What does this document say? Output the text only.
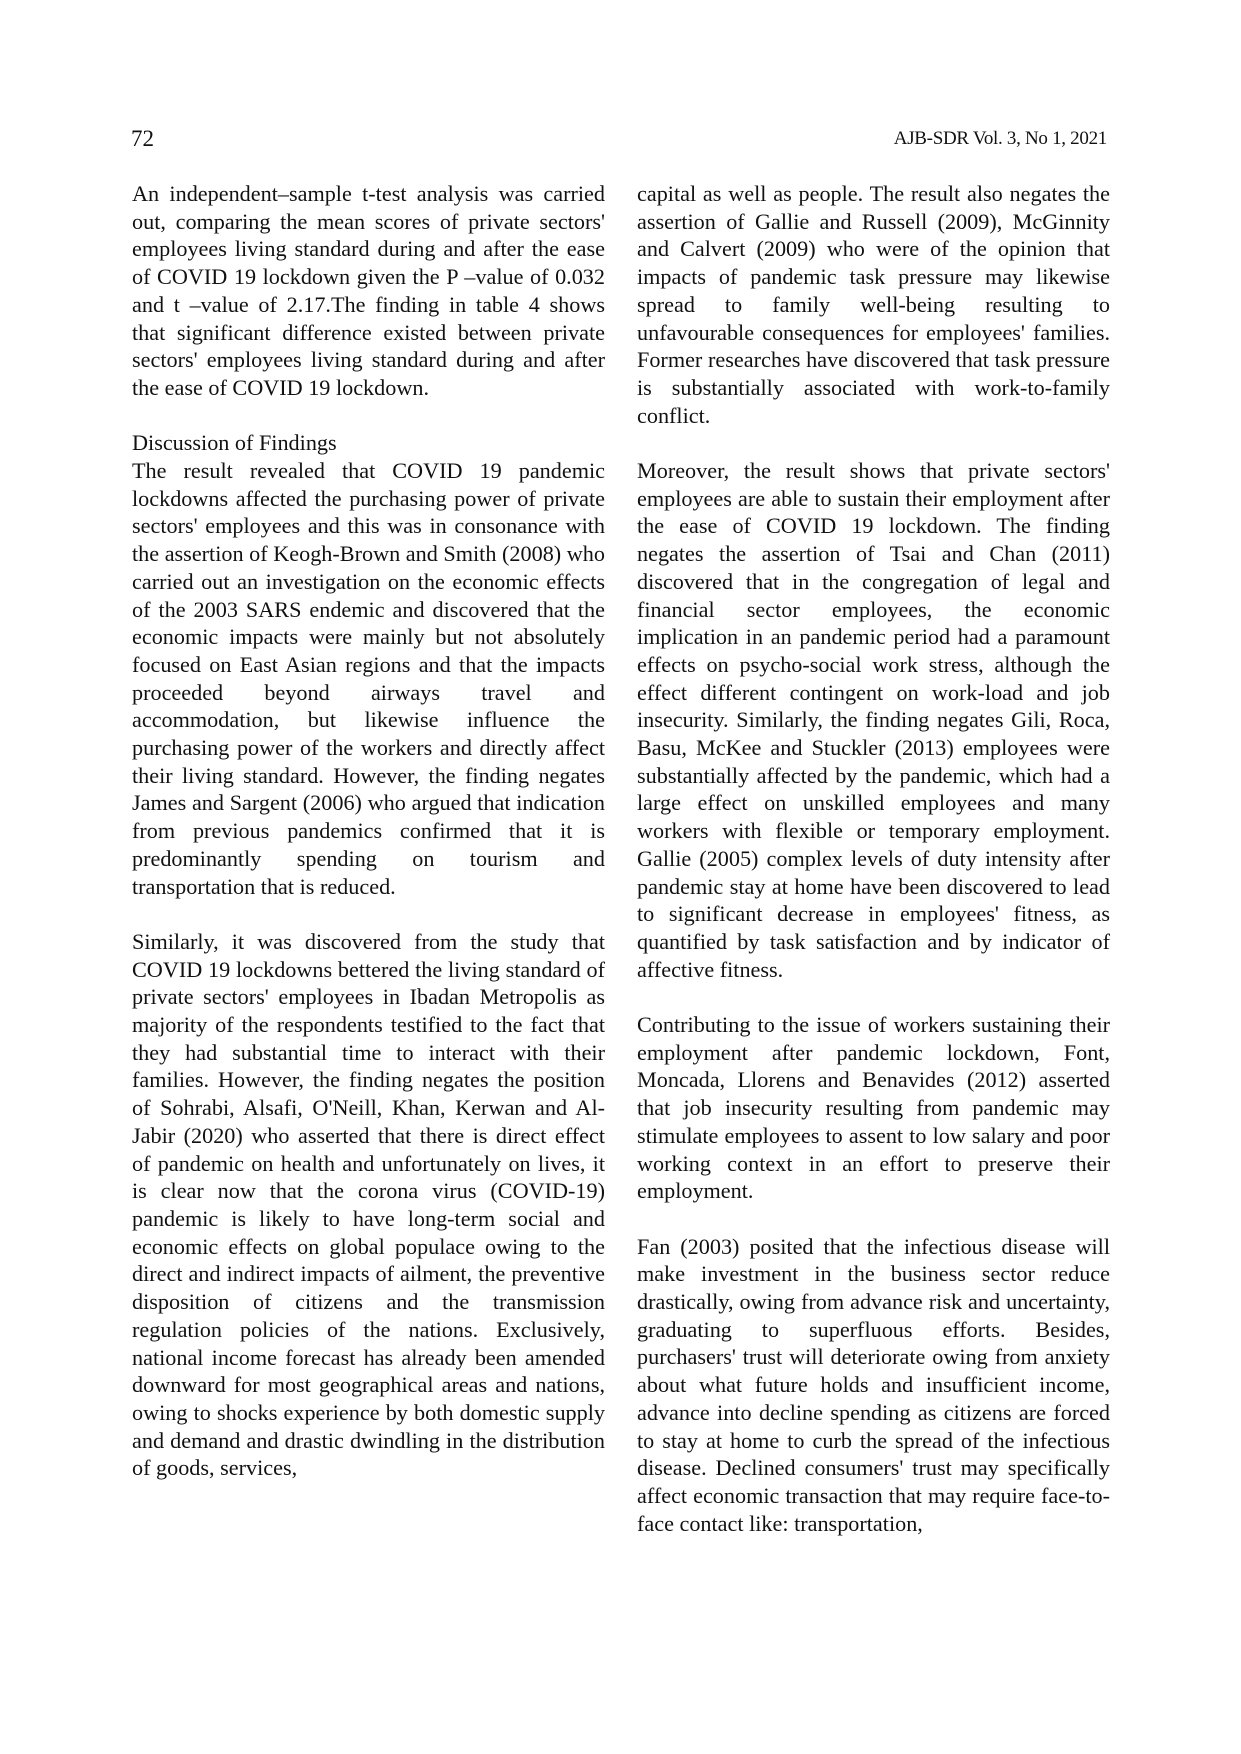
72	AJB-SDR Vol. 3, No 1, 2021

An independent–sample t-test analysis was carried out, comparing the mean scores of private sectors' employees living standard during and after the ease of COVID 19 lockdown given the P –value of 0.032 and t –value of 2.17.The finding in table 4 shows that significant difference existed between private sectors' employees living standard during and after the ease of COVID 19 lockdown.

Discussion of Findings

The result revealed that COVID 19 pandemic lockdowns affected the purchasing power of private sectors' employees and this was in consonance with the assertion of Keogh-Brown and Smith (2008) who carried out an investigation on the economic effects of the 2003 SARS endemic and discovered that the economic impacts were mainly but not absolutely focused on East Asian regions and that the impacts proceeded beyond airways travel and accommodation, but likewise influence the purchasing power of the workers and directly affect their living standard. However, the finding negates James and Sargent (2006) who argued that indication from previous pandemics confirmed that it is predominantly spending on tourism and transportation that is reduced.

Similarly, it was discovered from the study that COVID 19 lockdowns bettered the living standard of private sectors' employees in Ibadan Metropolis as majority of the respondents testified to the fact that they had substantial time to interact with their families. However, the finding negates the position of Sohrabi, Alsafi, O'Neill, Khan, Kerwan and Al-Jabir (2020) who asserted that there is direct effect of pandemic on health and unfortunately on lives, it is clear now that the corona virus (COVID-19) pandemic is likely to have long-term social and economic effects on global populace owing to the direct and indirect impacts of ailment, the preventive disposition of citizens and the transmission regulation policies of the nations. Exclusively, national income forecast has already been amended downward for most geographical areas and nations, owing to shocks experience by both domestic supply and demand and drastic dwindling in the distribution of goods, services,

capital as well as people. The result also negates the assertion of Gallie and Russell (2009), McGinnity and Calvert (2009) who were of the opinion that impacts of pandemic task pressure may likewise spread to family well-being resulting to unfavourable consequences for employees' families. Former researches have discovered that task pressure is substantially associated with work-to-family conflict.

Moreover, the result shows that private sectors' employees are able to sustain their employment after the ease of COVID 19 lockdown. The finding negates the assertion of Tsai and Chan (2011) discovered that in the congregation of legal and financial sector employees, the economic implication in an pandemic period had a paramount effects on psycho-social work stress, although the effect different contingent on work-load and job insecurity. Similarly, the finding negates Gili, Roca, Basu, McKee and Stuckler (2013) employees were substantially affected by the pandemic, which had a large effect on unskilled employees and many workers with flexible or temporary employment. Gallie (2005) complex levels of duty intensity after pandemic stay at home have been discovered to lead to significant decrease in employees' fitness, as quantified by task satisfaction and by indicator of affective fitness.

Contributing to the issue of workers sustaining their employment after pandemic lockdown, Font, Moncada, Llorens and Benavides (2012) asserted that job insecurity resulting from pandemic may stimulate employees to assent to low salary and poor working context in an effort to preserve their employment.

Fan (2003) posited that the infectious disease will make investment in the business sector reduce drastically, owing from advance risk and uncertainty, graduating to superfluous efforts. Besides, purchasers' trust will deteriorate owing from anxiety about what future holds and insufficient income, advance into decline spending as citizens are forced to stay at home to curb the spread of the infectious disease. Declined consumers' trust may specifically affect economic transaction that may require face-to-face contact like: transportation,
